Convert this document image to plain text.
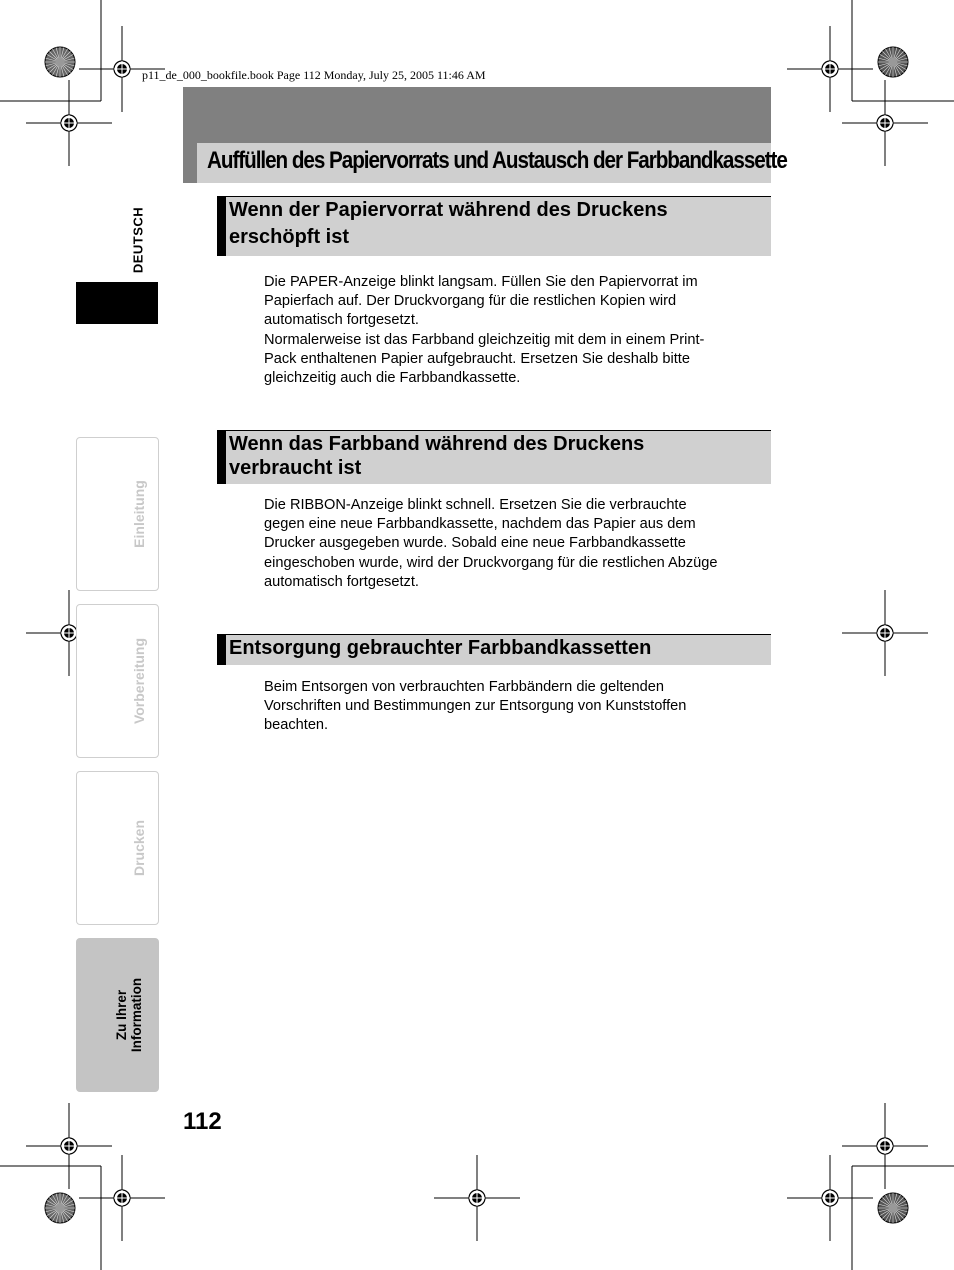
p11_de_000_bookfile.book Page 112 Monday, July 25, 2005 11:46 AM
Auffüllen des Papiervorrats und Austausch der Farbbandkassette
DEUTSCH
Einleitung
Vorbereitung
Drucken
Zu Ihrer
Information
Wenn der Papiervorrat während des Druckens
erschöpft ist
Die PAPER-Anzeige blinkt langsam. Füllen Sie den Papiervorrat im
Papierfach auf. Der Druckvorgang für die restlichen Kopien wird
automatisch fortgesetzt.
Normalerweise ist das Farbband gleichzeitig mit dem in einem Print-
Pack enthaltenen Papier aufgebraucht. Ersetzen Sie deshalb bitte
gleichzeitig auch die Farbbandkassette.
Wenn das Farbband während des Druckens
verbraucht ist
Die RIBBON-Anzeige blinkt schnell. Ersetzen Sie die verbrauchte
gegen eine neue Farbbandkassette, nachdem das Papier aus dem
Drucker ausgegeben wurde. Sobald eine neue Farbbandkassette
eingeschoben wurde, wird der Druckvorgang für die restlichen Abzüge
automatisch fortgesetzt.
Entsorgung gebrauchter Farbbandkassetten
Beim Entsorgen von verbrauchten Farbbändern die geltenden
Vorschriften und Bestimmungen zur Entsorgung von Kunststoffen
beachten.
112
